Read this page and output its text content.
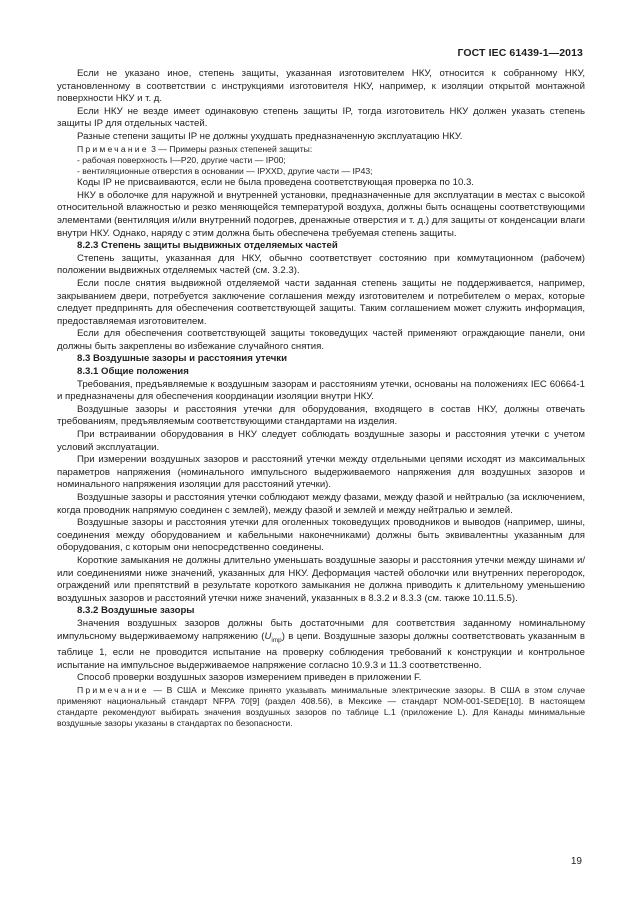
ГОСТ IEC 61439-1—2013

Если не указано иное, степень защиты, указанная изготовителем НКУ, относится к собранному НКУ, установленному в соответствии с инструкциями изготовителя НКУ, например, к изоляции открытой монтажной поверхности НКУ и т. д.

Если НКУ не везде имеет одинаковую степень защиты IP, тогда изготовитель НКУ должен указать степень защиты IP для отдельных частей.

Разные степени защиты IP не должны ухудшать предназначенную эксплуатацию НКУ.

Примечание 3 — Примеры разных степеней защиты:

- рабочая поверхность I—P20, другие части — IP00;

- вентиляционные отверстия в основании — IPXXD, другие части — IP43;

Коды IP не присваиваются, если не была проведена соответствующая проверка по 10.3.

НКУ в оболочке для наружной и внутренней установки, предназначенные для эксплуатации в местах с высокой относительной влажностью и резко меняющейся температурой воздуха, должны быть оснащены соответствующими элементами (вентиляция и/или внутренний подогрев, дренажные отверстия и т. д.) для защиты от конденсации влаги внутри НКУ. Однако, наряду с этим должна быть обеспечена требуемая степень защиты.

8.2.3 Степень защиты выдвижных отделяемых частей

Степень защиты, указанная для НКУ, обычно соответствует состоянию при коммутационном (рабочем) положении выдвижных отделяемых частей (см. 3.2.3).

Если после снятия выдвижной отделяемой части заданная степень защиты не поддерживается, например, закрыванием двери, потребуется заключение соглашения между изготовителем и потребителем о мерах, которые следует предпринять для обеспечения соответствующей защиты. Таким соглашением может служить информация, предоставляемая изготовителем.

Если для обеспечения соответствующей защиты токоведущих частей применяют ограждающие панели, они должны быть закреплены во избежание случайного снятия.

8.3 Воздушные зазоры и расстояния утечки

8.3.1 Общие положения

Требования, предъявляемые к воздушным зазорам и расстояниям утечки, основаны на положениях IEC 60664-1 и предназначены для обеспечения координации изоляции внутри НКУ.

Воздушные зазоры и расстояния утечки для оборудования, входящего в состав НКУ, должны отвечать требованиям, предъявляемым соответствующими стандартами на изделия.

При встраивании оборудования в НКУ следует соблюдать воздушные зазоры и расстояния утечки с учетом условий эксплуатации.

При измерении воздушных зазоров и расстояний утечки между отдельными цепями исходят из максимальных параметров напряжения (номинального импульсного выдерживаемого напряжения для воздушных зазоров и номинального напряжения изоляции для расстояний утечки).

Воздушные зазоры и расстояния утечки соблюдают между фазами, между фазой и нейтралью (за исключением, когда проводник напрямую соединен с землей), между фазой и землей и между нейтралью и землей.

Воздушные зазоры и расстояния утечки для оголенных токоведущих проводников и выводов (например, шины, соединения между оборудованием и кабельными наконечниками) должны быть эквивалентны указанным для оборудования, с которым они непосредственно соединены.

Короткие замыкания не должны длительно уменьшать воздушные зазоры и расстояния утечки между шинами и/или соединениями ниже значений, указанных для НКУ. Деформация частей оболочки или внутренних перегородок, ограждений или препятствий в результате короткого замыкания не должна приводить к длительному уменьшению воздушных зазоров и расстояний утечки ниже значений, указанных в 8.3.2 и 8.3.3 (см. также 10.11.5.5).

8.3.2 Воздушные зазоры

Значения воздушных зазоров должны быть достаточными для соответствия заданному номинальному импульсному выдерживаемому напряжению $(U_{imp})$ в цепи. Воздушные зазоры должны соответствовать указанным в таблице 1, если не проводится испытание на проверку соблюдения требований к конструкции и контрольное испытание на импульсное выдерживаемое напряжение согласно 10.9.3 и 11.3 соответственно.

Способ проверки воздушных зазоров измерением приведен в приложении F.

Примечание — В США и Мексике принято указывать минимальные электрические зазоры. В США в этом случае применяют национальный стандарт NFPA 70[9] (раздел 408.56), в Мексике — стандарт NOM-001-SEDE[10]. В настоящем стандарте рекомендуют выбирать значения воздушных зазоров по таблице L.1 (приложение L). Для Канады минимальные воздушные зазоры указаны в стандартах по безопасности.

19
